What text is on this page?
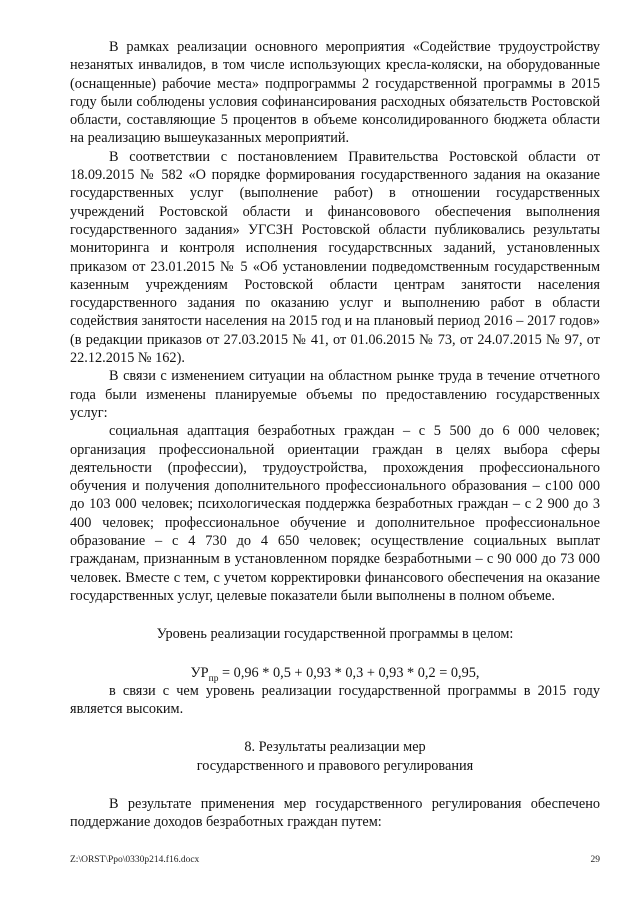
В рамках реализации основного мероприятия «Содействие трудоустройству незанятых инвалидов, в том числе использующих кресла-коляски, на оборудованные (оснащенные) рабочие места» подпрограммы 2 государственной программы в 2015 году были соблюдены условия софинансирования расходных обязательств Ростовской области, составляющие 5 процентов в объеме консолидированного бюджета области на реализацию вышеуказанных мероприятий.

В соответствии с постановлением Правительства Ростовской области от 18.09.2015 № 582 «О порядке формирования государственного задания на оказание государственных услуг (выполнение работ) в отношении государственных учреждений Ростовской области и финансовового обеспечения выполнения государственного задания» УГСЗН Ростовской области публиковались результаты мониторинга и контроля исполнения государствснных заданий, установленных приказом от 23.01.2015 № 5 «Об установлении подведомственным государственным казенным учреждениям Ростовской области центрам занятости населения государственного задания по оказанию услуг и выполнению работ в области содействия занятости населения на 2015 год и на плановый период 2016 – 2017 годов» (в редакции приказов от 27.03.2015 № 41, от 01.06.2015 № 73, от 24.07.2015 № 97, от 22.12.2015 № 162).

В связи с изменением ситуации на областном рынке труда в течение отчетного года были изменены планируемые объемы по предоставлению государственных услуг:

социальная адаптация безработных граждан – с 5 500 до 6 000 человек; организация профессиональной ориентации граждан в целях выбора сферы деятельности (профессии), трудоустройства, прохождения профессионального обучения и получения дополнительного профессионального образования – с100 000 до 103 000 человек; психологическая поддержка безработных граждан – с 2 900 до 3 400 человек; профессиональное обучение и дополнительное профессиональное образование – с 4 730 до 4 650 человек; осуществление социальных выплат гражданам, признанным в установленном порядке безработными – с 90 000 до 73 000 человек. Вместе с тем, с учетом корректировки финансового обеспечения на оказание государственных услуг, целевые показатели были выполнены в полном объеме.

Уровень реализации государственной программы в целом:

$УР_{пр} = 0,96 * 0,5 + 0,93 * 0,3 + 0,93 * 0,2 = 0,95$,

в связи с чем уровень реализации государственной программы в 2015 году является высоким.

8. Результаты реализации мер

государственного и правового регулирования

В результате применения мер государственного регулирования обеспечено поддержание доходов безработных граждан путем:

Z:\ORST\Ppo\0330p214.f16.docx	29
